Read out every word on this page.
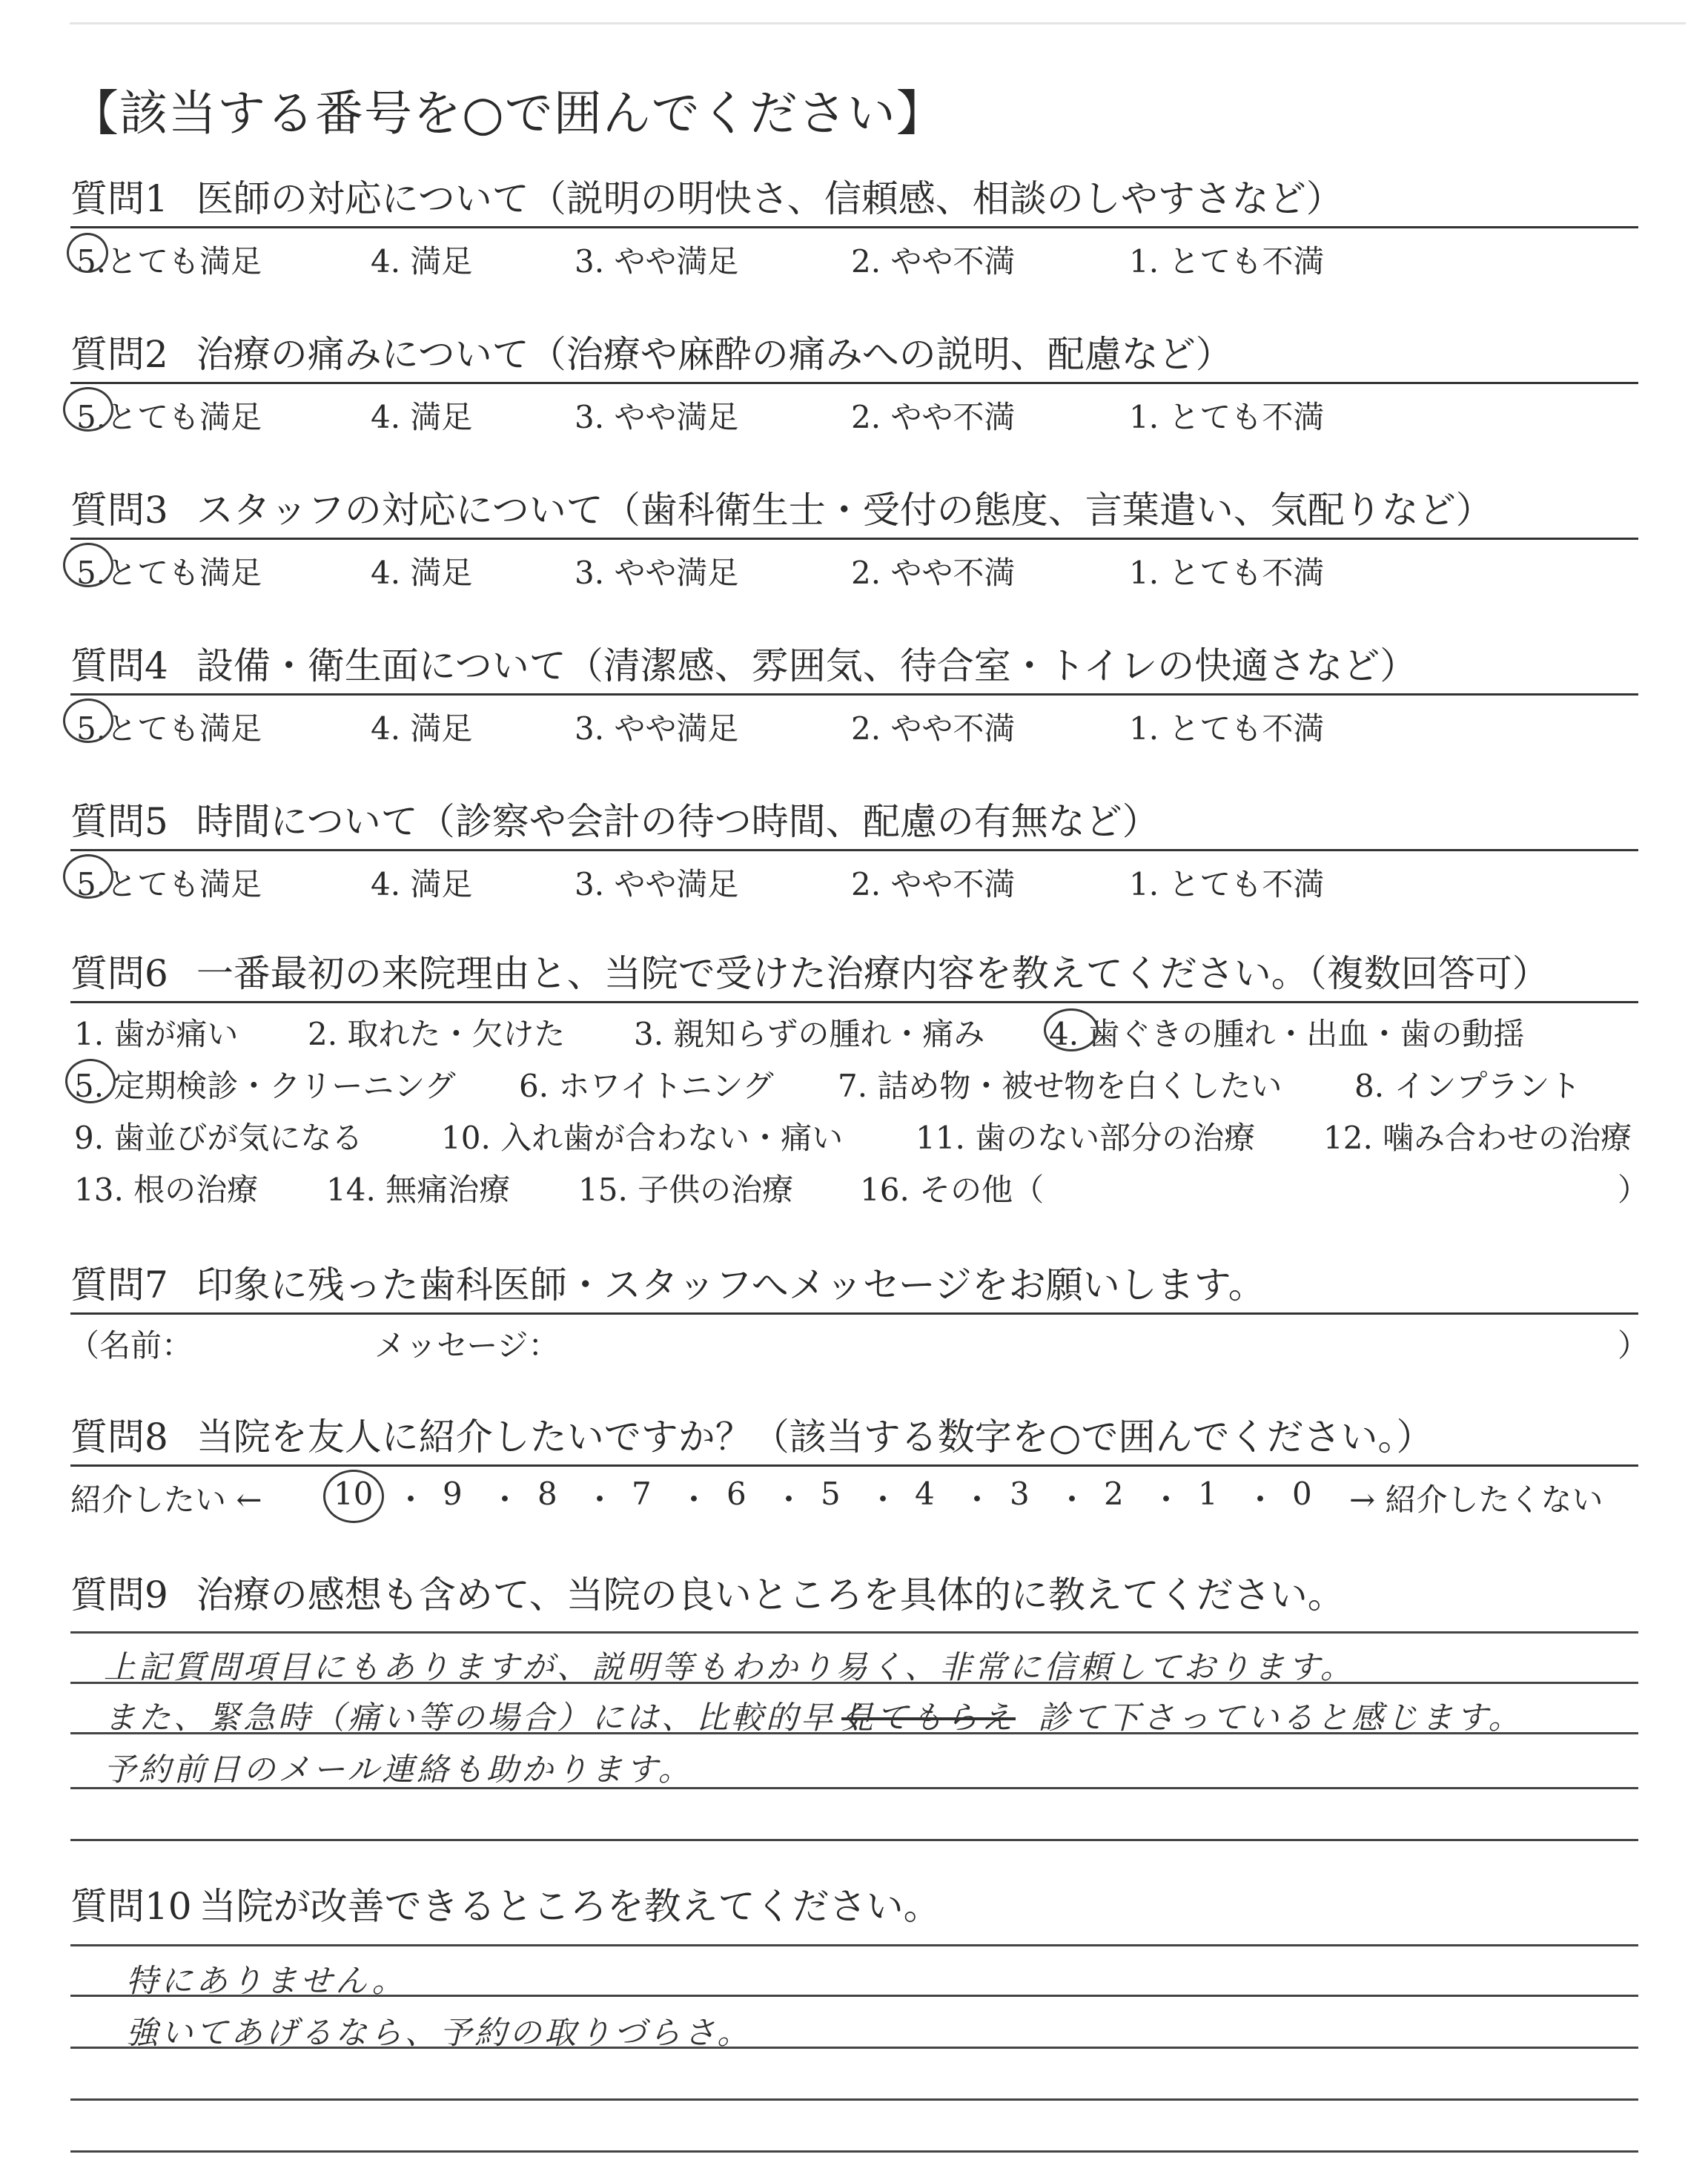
【該当する番号を○で囲んでください】
質問1 医師の対応について（説明の明快さ、信頼感、相談のしやすさなど）
5.とても満足	4. 満足	3. やや満足	2. やや不満	1. とても不満
質問2 治療の痛みについて（治療や麻酔の痛みへの説明、配慮など）
5.とても満足	4. 満足	3. やや満足	2. やや不満	1. とても不満
質問3 スタッフの対応について（歯科衛生士・受付の態度、言葉遣い、気配りなど）
5.とても満足	4. 満足	3. やや満足	2. やや不満	1. とても不満
質問4 設備・衛生面について（清潔感、雰囲気、待合室・トイレの快適さなど）
5.とても満足	4. 満足	3. やや満足	2. やや不満	1. とても不満
質問5 時間について（診察や会計の待つ時間、配慮の有無など）
5.とても満足	4. 満足	3. やや満足	2. やや不満	1. とても不満
質問6 一番最初の来院理由と、当院で受けた治療内容を教えてください。（複数回答可）
1. 歯が痛い 2. 取れた・欠けた 3. 親知らずの腫れ・痛み 4. 歯ぐきの腫れ・出血・歯の動揺
5. 定期検診・クリーニング 6. ホワイトニング 7. 詰め物・被せ物を白くしたい 8. インプラント
9. 歯並びが気になる	10. 入れ歯が合わない・痛い 11. 歯のない部分の治療 12. 噛み合わせの治療
13. 根の治療 14. 無痛治療 15. 子供の治療 16. その他（	）
質問7 印象に残った歯科医師・スタッフへメッセージをお願いします。
（名前：	メッセージ：	）
質問8 当院を友人に紹介したいですか？（該当する数字を○で囲んでください。）
紹介したい ← 10 ・ 9 ・ 8 ・ 7 ・ 6 ・ 5 ・ 4 ・ 3 ・ 2 ・ 1 ・ 0 → 紹介したくない
質問9 治療の感想も含めて、当院の良いところを具体的に教えてください。
上記質問項目にもありますが、説明等もわかり易く、非常に信頼しております。
また、緊急時（痛い等の場合）には、比較的早く
見てもらえ 診て下さっていると感じます。
予約前日のメール連絡も助かります。
質問10 当院が改善できるところを教えてください。
特にありません。
強いてあげるなら、予約の取りづらさ。
